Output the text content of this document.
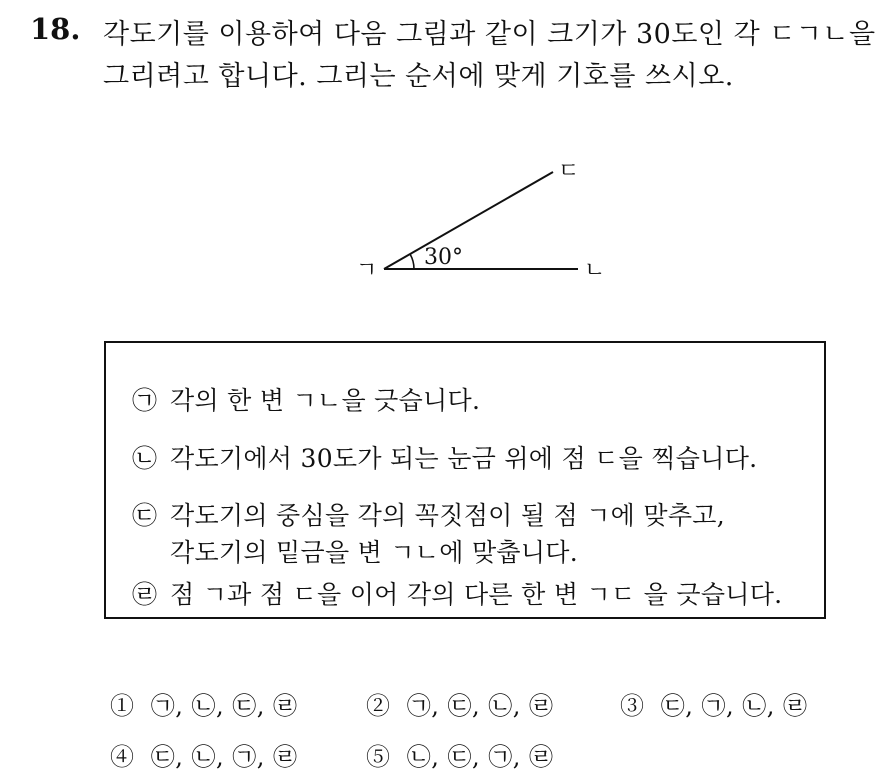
18. 각도기를 이용하여 다음 그림과 같이 크기가 30도인 각 ㄷㄱㄴ을
그리려고 합니다. 그리는 순서에 맞게 기호를 쓰시오.
30°
ㄱ	ㄴ
ㄷ
㉠ 각의 한 변 ㄱㄴ을 긋습니다.
㉡ 각도기에서 30도가 되는 눈금 위에 점 ㄷ을 찍습니다.
㉢ 각도기의 중심을 각의 꼭짓점이 될 점 ㄱ에 맞추고,
각도기의 밑금을 변 ㄱㄴ에 맞춥니다.
㉣ 점 ㄱ과 점 ㄷ을 이어 각의 다른 한 변 ㄱㄷ 을 긋습니다.
① ㉠, ㉡, ㉢, ㉣	② ㉠, ㉢, ㉡, ㉣	③ ㉢, ㉠, ㉡, ㉣
④ ㉢, ㉡, ㉠, ㉣	⑤ ㉡, ㉢, ㉠, ㉣
